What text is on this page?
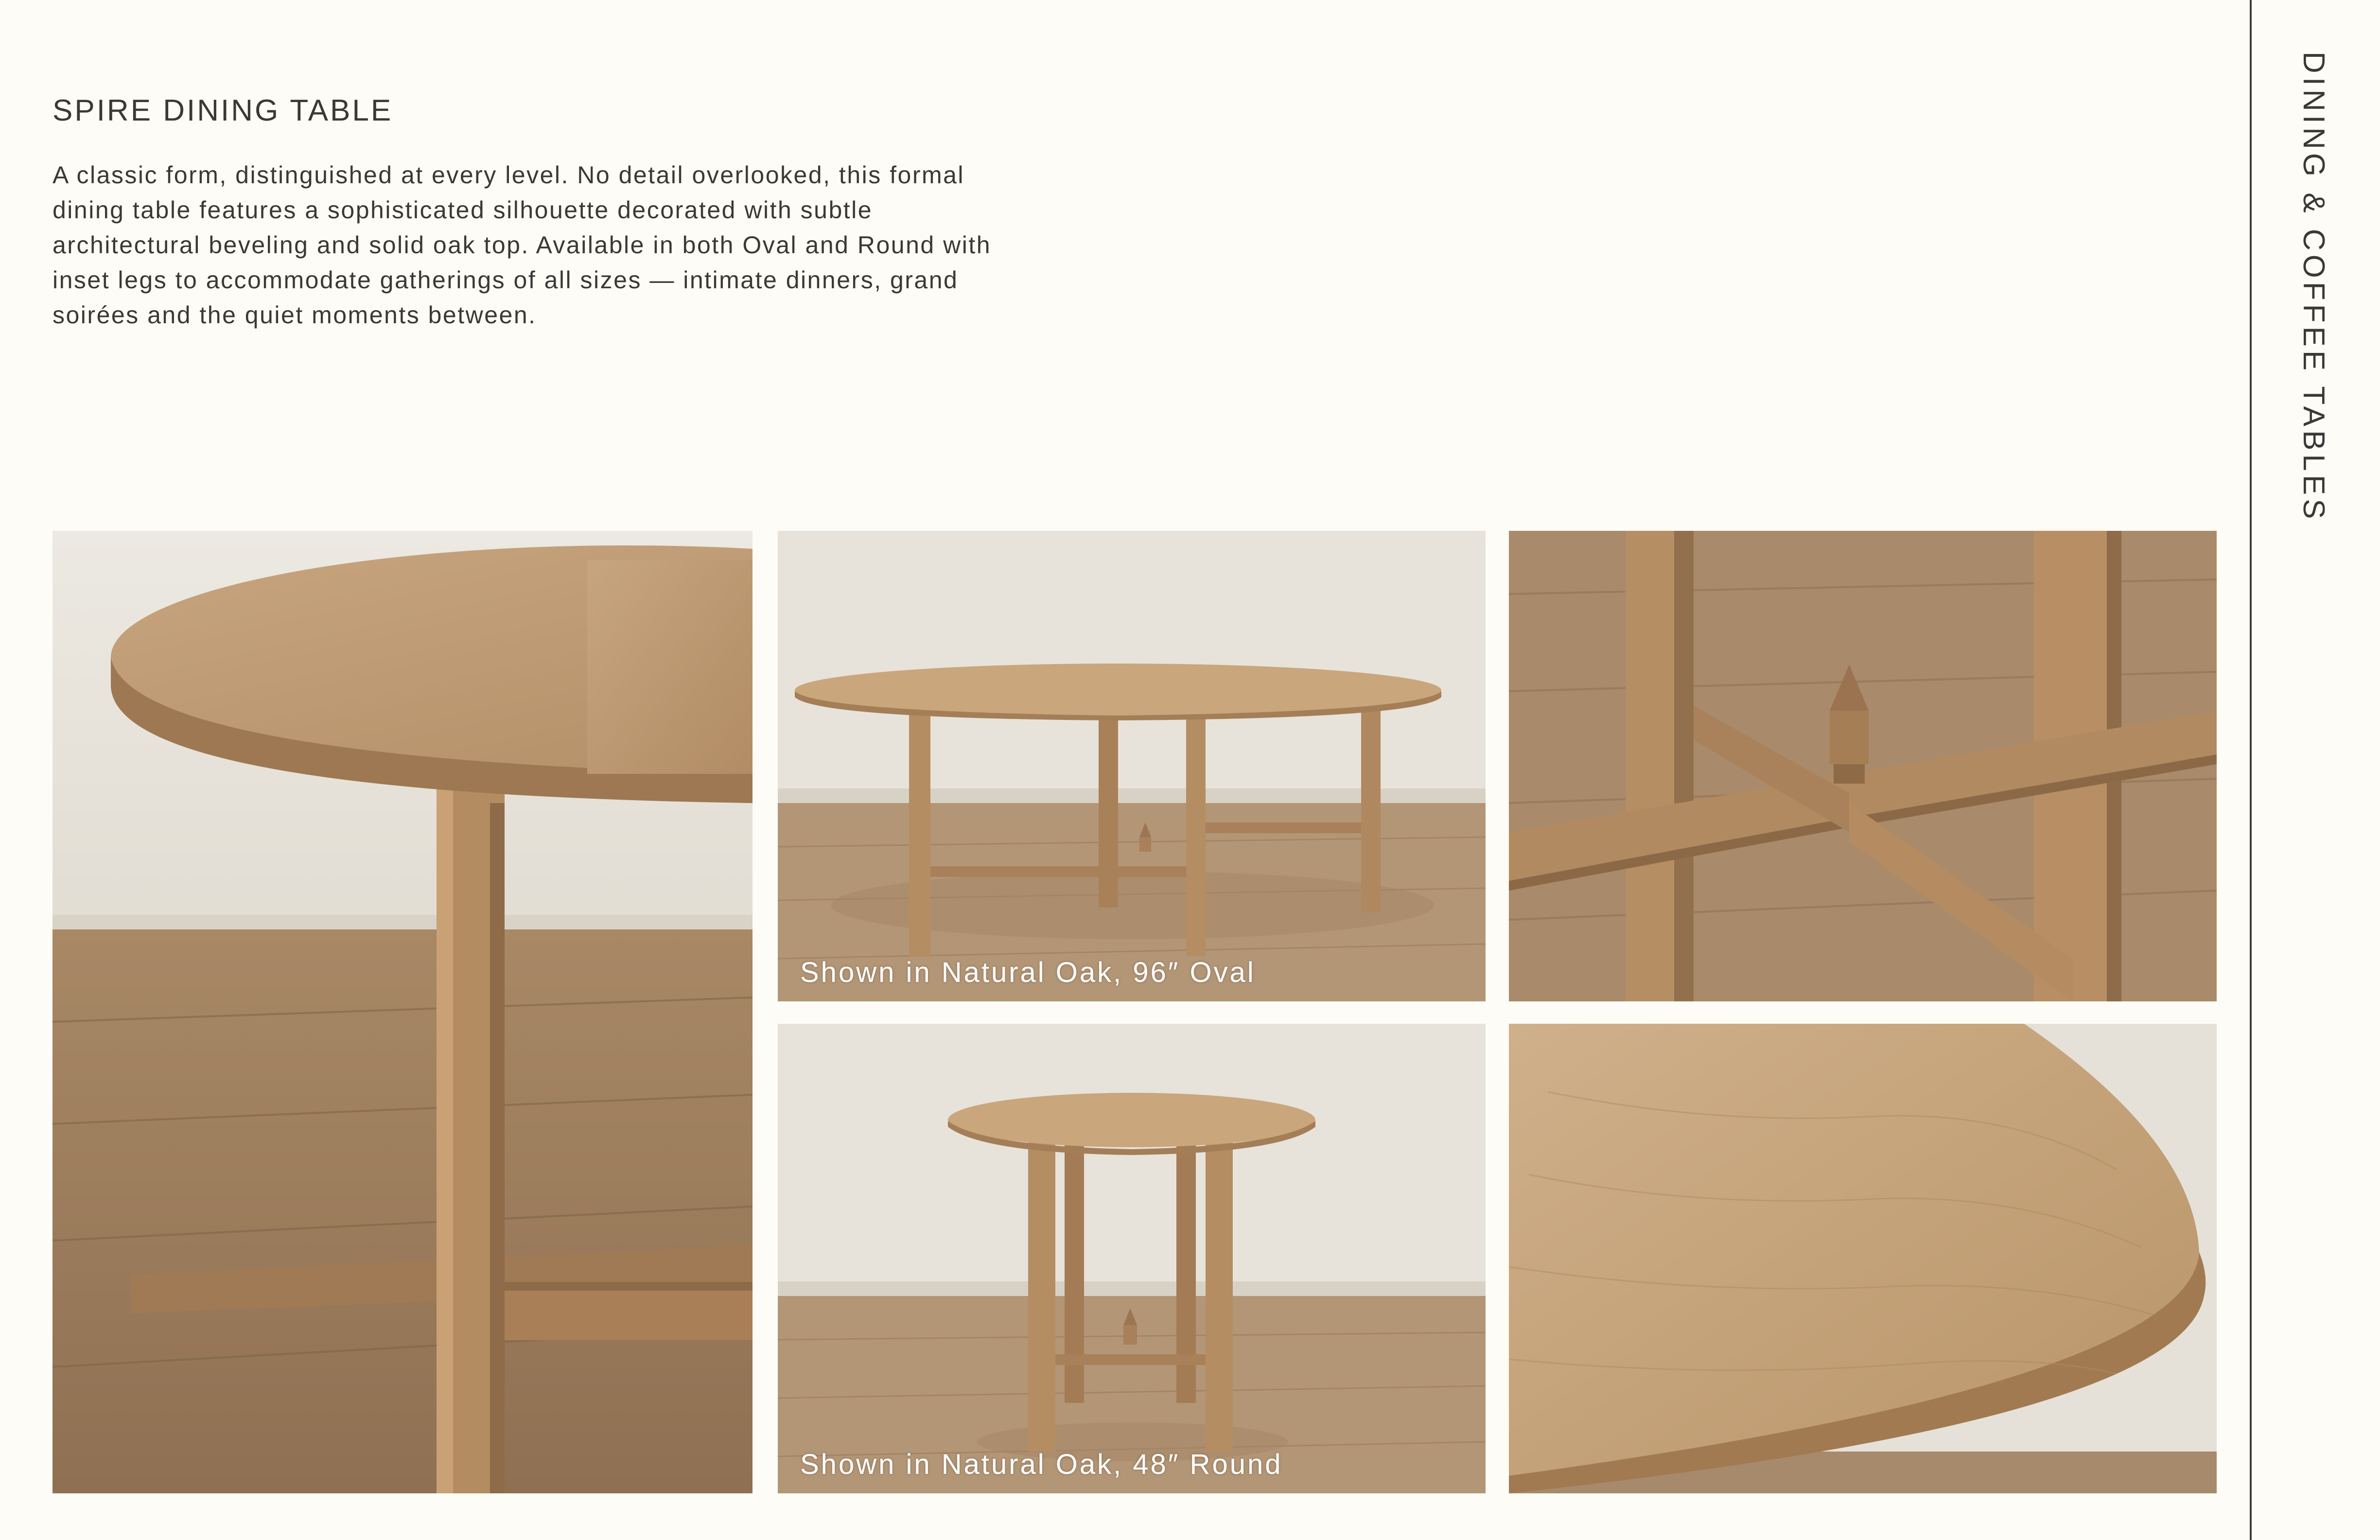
SPIRE DINING TABLE

A classic form, distinguished at every level. No detail overlooked, this formal dining table features a sophisticated silhouette decorated with subtle architectural beveling and solid oak top. Available in both Oval and Round with inset legs to accommodate gatherings of all sizes — intimate dinners, grand soirées and the quiet moments between.	DINING & COFFEE TABLES
Shown in Natural Oak, 96″ Oval
Shown in Natural Oak, 48″ Round
